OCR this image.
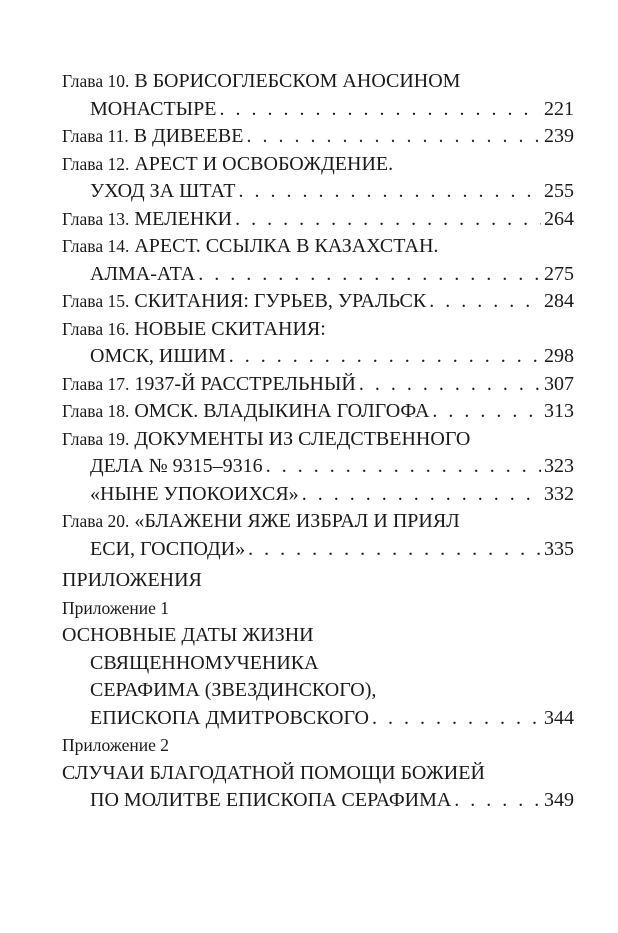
Глава 10.
В БОРИСОГЛЕБСКОМ АНОСИНОМ
МОНАСТЫРЕ . . .	221
Глава 11.
В ДИВЕЕВЕ . . .	239
Глава 12.
АРЕСТ И ОСВОБОЖДЕНИЕ.
УХОД ЗА ШТАТ . . .	255
Глава 13.
МЕЛЕНКИ . . .	264
Глава 14.
АРЕСТ. ССЫЛКА В КАЗАХСТАН.
АЛМА-АТА . . .	275
Глава 15.
СКИТАНИЯ: ГУРЬЕВ, УРАЛЬСК . . .	284
Глава 16.
НОВЫЕ СКИТАНИЯ:
ОМСК, ИШИМ . . .	298
Глава 17.
1937-Й РАССТРЕЛЬНЫЙ . . .	307
Глава 18.
ОМСК. ВЛАДЫКИНА ГОЛГОФА . . .	313
Глава 19.
ДОКУМЕНТЫ ИЗ СЛЕДСТВЕННОГО
ДЕЛА № 9315–9316 . . .	323
«НЫНЕ УПОКОИХСЯ» . . .	332
Глава 20.
«БЛАЖЕНИ ЯЖЕ ИЗБРАЛ И ПРИЯЛ
ЕСИ, ГОСПОДИ» . . .	335
ПРИЛОЖЕНИЯ
Приложение 1
ОСНОВНЫЕ ДАТЫ ЖИЗНИ
СВЯЩЕННОМУЧЕНИКА
СЕРАФИМА (ЗВЕЗДИНСКОГО),
ЕПИСКОПА ДМИТРОВСКОГО . . .	344
Приложение 2
СЛУЧАИ БЛАГОДАТНОЙ ПОМОЩИ БОЖИЕЙ
ПО МОЛИТВЕ ЕПИСКОПА СЕРАФИМА . . .	349
